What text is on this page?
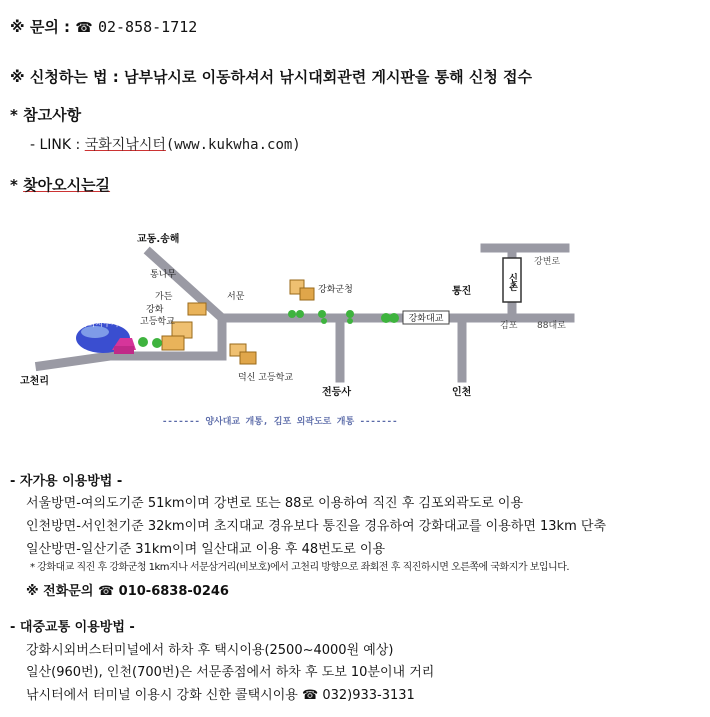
※ 문의 : ☎ 02-858-1712
※ 신청하는 법 : 남부낚시로 이동하셔서 낚시대회관련 게시판을 통해 신청 접수
* 참고사항
- LINK : 국화지낚시터(www.kukwha.com)
* 찾아오시는길
신촌
국화저수지	강화대교
교동.송해
통나무
가든
강화
고등학교
서문
강화군청	통진
강변로
김포 88대로
고천리	덕신 고등학교
전등사	인천
------- 양사대교 개통, 김포 외곽도로 개통 -------
- 자가용 이용방법 -
서울방면-여의도기준 51km이며 강변로 또는 88로 이용하여 직진 후 김포외곽도로 이용
인천방면-서인천기준 32km이며 초지대교 경유보다 통진을 경유하여 강화대교를 이용하면 13km 단축
일산방면-일산기준 31km이며 일산대교 이용 후 48번도로 이용
* 강화대교 직진 후 강화군청 1km지나 서문삼거리(비보호)에서 고천리 방향으로 좌회전 후 직진하시면 오른쪽에 국화지가 보입니다.
※ 전화문의 ☎ 010-6838-0246
- 대중교통 이용방법 -
강화시외버스터미널에서 하차 후 택시이용(2500~4000원 예상)
일산(960번), 인천(700번)은 서문종점에서 하차 후 도보 10분이내 거리
낚시터에서 터미널 이용시 강화 신한 콜택시이용 ☎ 032)933-3131
